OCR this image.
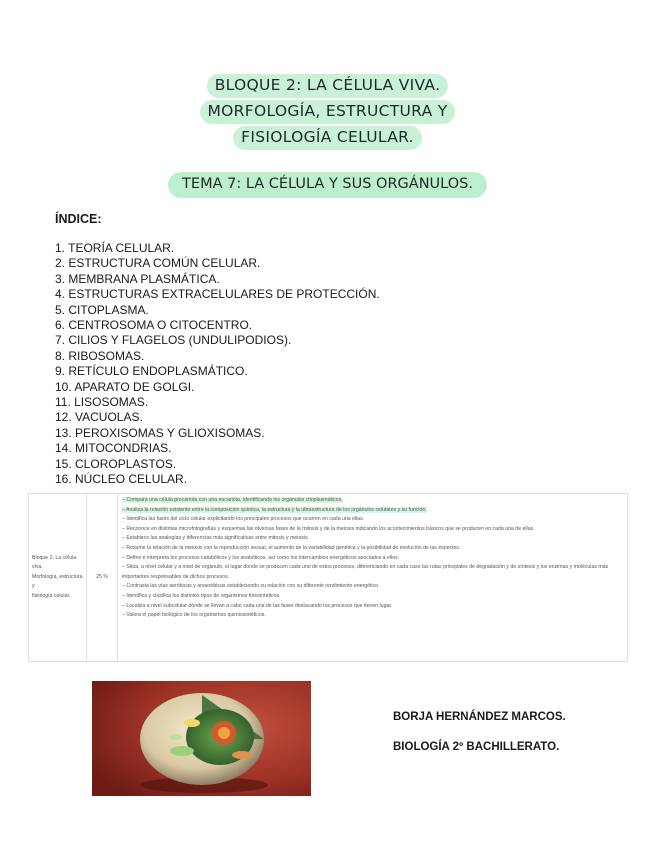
BLOQUE 2: LA CÉLULA VIVA.
MORFOLOGÍA, ESTRUCTURA Y
FISIOLOGÍA CELULAR.
TEMA 7: LA CÉLULA Y SUS ORGÁNULOS.
ÍNDICE:
1. TEORÍA CELULAR.
2. ESTRUCTURA COMÚN CELULAR.
3. MEMBRANA PLASMÁTICA.
4. ESTRUCTURAS EXTRACELULARES DE PROTECCIÓN.
5. CITOPLASMA.
6. CENTROSOMA O CITOCENTRO.
7. CILIOS Y FLAGELOS (UNDULIPODIOS).
8. RIBOSOMAS.
9. RETÍCULO ENDOPLASMÁTICO.
10. APARATO DE GOLGI.
11. LISOSOMAS.
12. VACUOLAS.
13. PEROXISOMAS Y GLIOXISOMAS.
14. MITOCONDRIAS.
15. CLOROPLASTOS.
16. NÚCLEO CELULAR.
Bloque 2. La célula viva.
Morfología, estructura y
fisiología celular.
25 %
– Compara una célula procariota con una eucariota, identificando los orgánulos citoplasmáticos.
– Analiza la relación existente entre la composición química, la estructura y la ultraestructura de los orgánulos celulares y su función.
– Identifica las fases del ciclo celular explicitando los principales procesos que ocurren en cada una ellas.
– Reconoce en distintas microfotografías y esquemas las diversas fases de la mitosis y de la meiosis indicando los acontecimientos básicos que se producen en cada una de ellas.
– Establece las analogías y diferencias más significativas entre mitosis y meiosis.
– Resume la relación de la meiosis con la reproducción sexual, el aumento de la variabilidad genética y la posibilidad de evolución de las especies.
– Define e interpreta los procesos catabólicos y los anabólicos, así como los intercambios energéticos asociados a ellos.
– Sitúa, a nivel celular y a nivel de orgánulo, el lugar donde se producen cada uno de estos procesos, diferenciando en cada caso las rutas principales de degradación y de síntesis y los enzimas y moléculas más importantes responsables de dichos procesos.
– Contrasta las vías aeróbicas y anaeróbicas estableciendo su relación con su diferente rendimiento energético.
– Identifica y clasifica los distintos tipos de organismos fotosintéticos.
– Localiza a nivel subcelular dónde se llevan a cabo cada una de las fases destacando los procesos que tienen lugar.
– Valora el papel biológico de los organismos quimiosintéticos.
BORJA HERNÁNDEZ MARCOS.
BIOLOGÍA 2º BACHILLERATO.
